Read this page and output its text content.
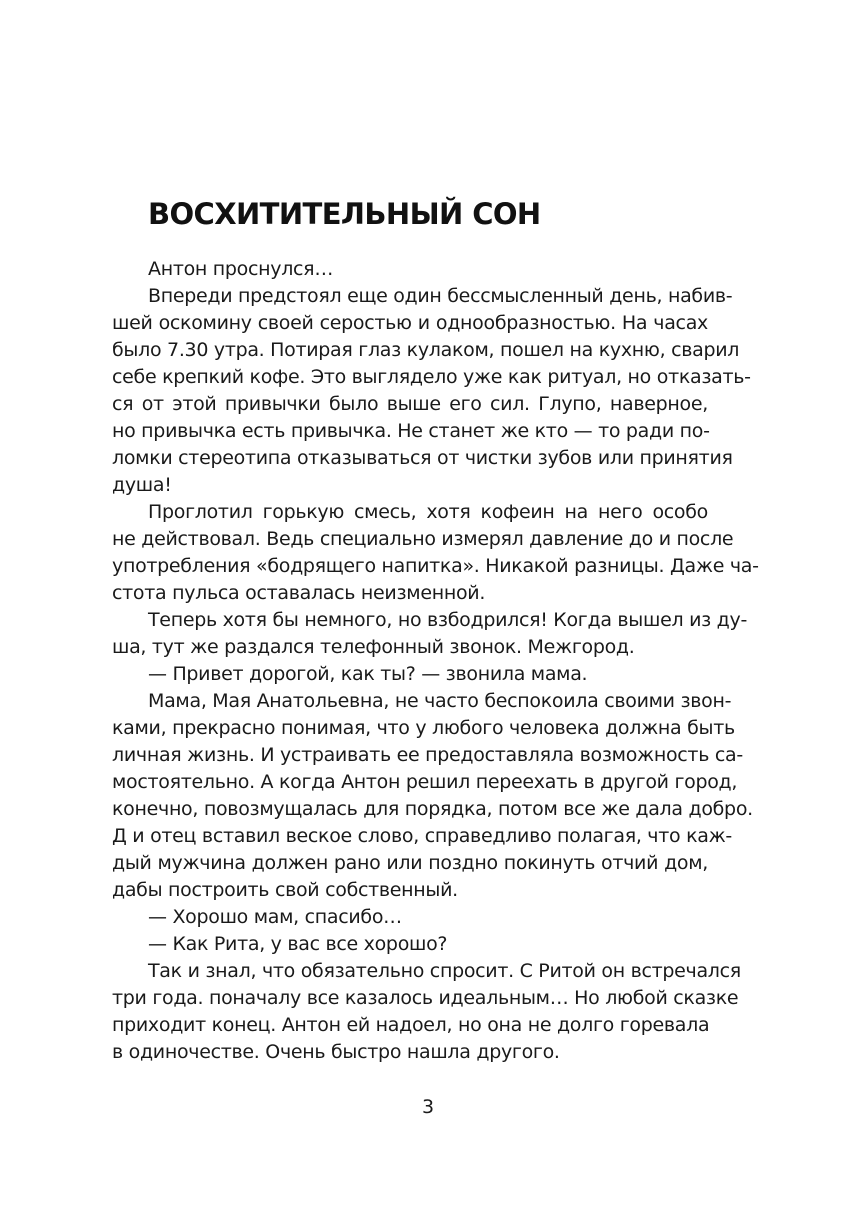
ВОСХИТИТЕЛЬНЫЙ СОН
Антон проснулся…
Впереди предстоял еще один бессмысленный день, набив-
шей оскомину своей серостью и однообразностью. На часах
было 7.30 утра. Потирая глаз кулаком, пошел на кухню, сварил
себе крепкий кофе. Это выглядело уже как ритуал, но отказать-
ся от этой привычки было выше его сил. Глупо, наверное,
но привычка есть привычка. Не станет же кто — то ради по-
ломки стереотипа отказываться от чистки зубов или принятия
душа!
Проглотил горькую смесь, хотя кофеин на него особо
не действовал. Ведь специально измерял давление до и после
употребления «бодрящего напитка». Никакой разницы. Даже ча-
стота пульса оставалась неизменной.
Теперь хотя бы немного, но взбодрился! Когда вышел из ду-
ша, тут же раздался телефонный звонок. Межгород.
— Привет дорогой, как ты? — звонила мама.
Мама, Мая Анатольевна, не часто беспокоила своими звон-
ками, прекрасно понимая, что у любого человека должна быть
личная жизнь. И устраивать ее предоставляла возможность са-
мостоятельно. А когда Антон решил переехать в другой город,
конечно, повозмущалась для порядка, потом все же дала добро.
Д и отец вставил веское слово, справедливо полагая, что каж-
дый мужчина должен рано или поздно покинуть отчий дом,
дабы построить свой собственный.
— Хорошо мам, спасибо…
— Как Рита, у вас все хорошо?
Так и знал, что обязательно спросит. С Ритой он встречался
три года. поначалу все казалось идеальным… Но любой сказке
приходит конец. Антон ей надоел, но она не долго горевала
в одиночестве. Очень быстро нашла другого.
3
